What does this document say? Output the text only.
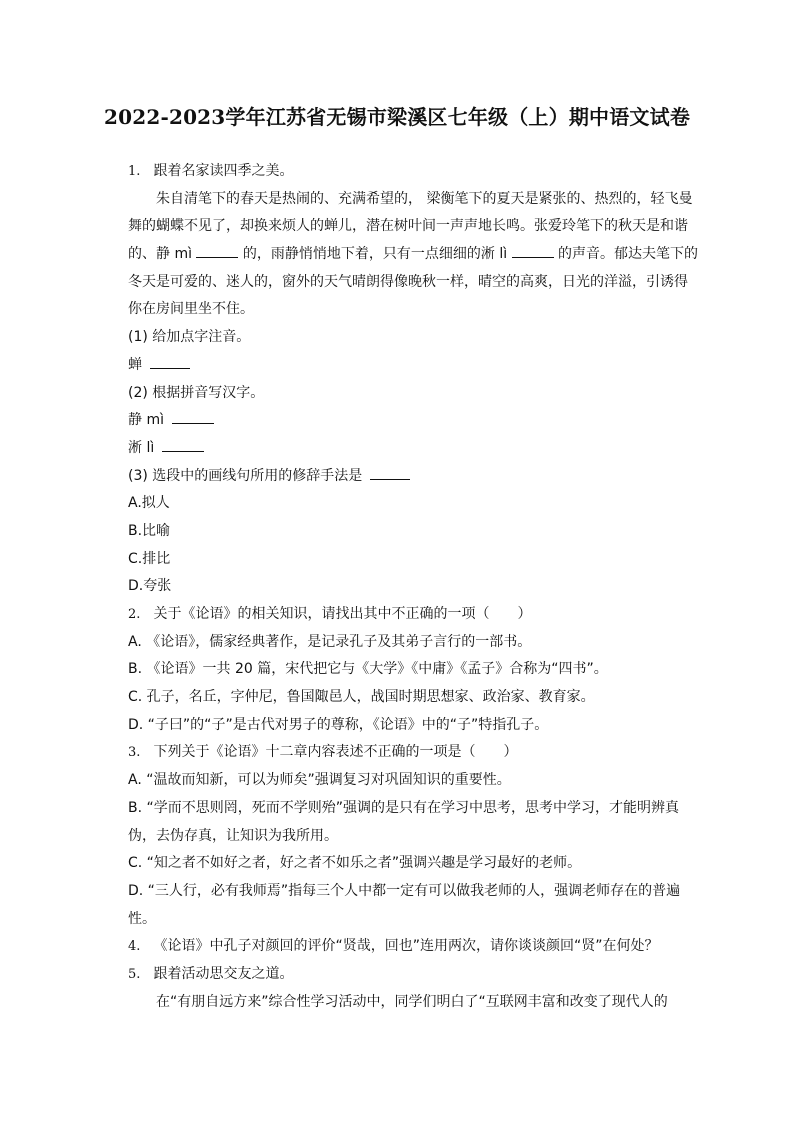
2022-2023学年江苏省无锡市梁溪区七年级（上）期中语文试卷
1. 跟着名家读四季之美。
朱自清笔下的春天是热闹的、充满希望的， 梁衡笔下的夏天是紧张的、热烈的，轻飞曼
舞的蝴蝶不见了，却换来烦人的蝉儿，潜在树叶间一声声地长鸣。张爱玲笔下的秋天是和谐
的、静 mì	的，雨静悄悄地下着，只有一点细细的淅 lì	的声音。郁达夫笔下的
冬天是可爱的、迷人的，窗外的天气晴朗得像晚秋一样，晴空的高爽，日光的洋溢，引诱得
你在房间里坐不住。
(1) 给加点字注音。
蝉
(2) 根据拼音写汉字。
静 mì
淅 lì
(3) 选段中的画线句所用的修辞手法是
A.拟人
B.比喻
C.排比
D.夸张
2. 关于《论语》的相关知识，请找出其中不正确的一项（　　）
A. 《论语》，儒家经典著作，是记录孔子及其弟子言行的一部书。
B. 《论语》一共 20 篇，宋代把它与《大学》《中庸》《孟子》合称为“四书”。
C. 孔子，名丘，字仲尼，鲁国陬邑人，战国时期思想家、政治家、教育家。
D. “子曰”的“子”是古代对男子的尊称，《论语》中的“子”特指孔子。
3. 下列关于《论语》十二章内容表述不正确的一项是（　　）
A. “温故而知新，可以为师矣”强调复习对巩固知识的重要性。
B. “学而不思则罔，死而不学则殆”强调的是只有在学习中思考，思考中学习，才能明辨真
伪，去伪存真，让知识为我所用。
C. “知之者不如好之者，好之者不如乐之者”强调兴趣是学习最好的老师。
D. “三人行，必有我师焉”指每三个人中都一定有可以做我老师的人，强调老师存在的普遍
性。
4. 《论语》中孔子对颜回的评价“贤哉，回也”连用两次，请你谈谈颜回“贤”在何处？
5. 跟着活动思交友之道。
在“有朋自远方来”综合性学习活动中，同学们明白了“互联网丰富和改变了现代人的
